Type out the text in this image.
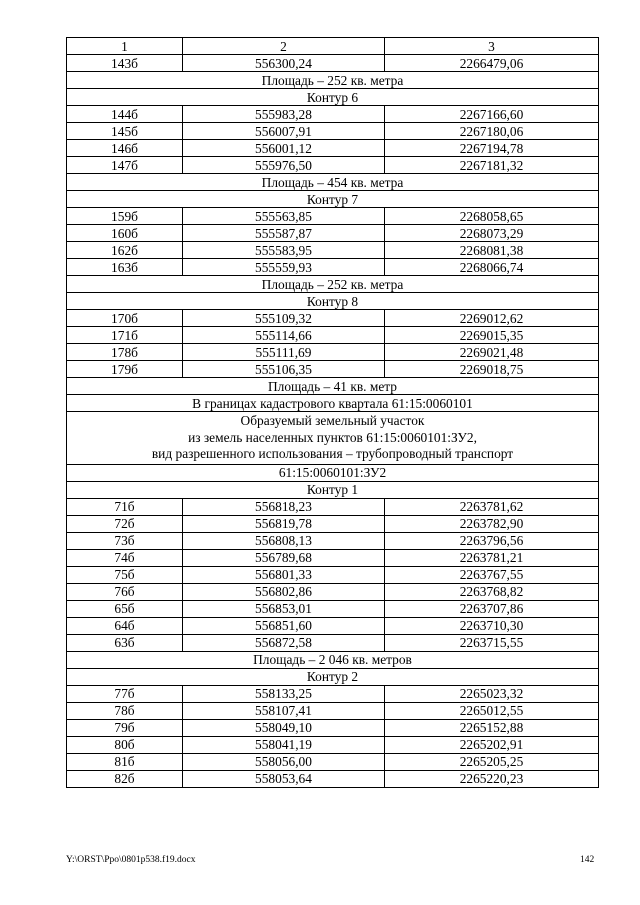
1	2	3
143б	556300,24	2266479,06

Площадь – 252 кв. метра		

Контур 6		

144б	555983,28	2267166,60
145б	556007,91	2267180,06
146б	556001,12	2267194,78
147б	555976,50	2267181,32

Площадь – 454 кв. метра		

Контур 7		

159б	555563,85	2268058,65
160б	555587,87	2268073,29
162б	555583,95	2268081,38
163б	555559,93	2268066,74

Площадь – 252 кв. метра		

Контур 8		

170б	555109,32	2269012,62
171б	555114,66	2269015,35
178б	555111,69	2269021,48
179б	555106,35	2269018,75

Площадь – 41 кв. метр		

В границах кадастрового квартала 61:15:0060101		

Образуемый земельный участок
из земель населенных пунктов 61:15:0060101:ЗУ2,
вид разрешенного использования – трубопроводный транспорт		

61:15:0060101:ЗУ2		

Контур 1		

71б	556818,23	2263781,62
72б	556819,78	2263782,90
73б	556808,13	2263796,56
74б	556789,68	2263781,21
75б	556801,33	2263767,55
76б	556802,86	2263768,82
65б	556853,01	2263707,86
64б	556851,60	2263710,30
63б	556872,58	2263715,55

Площадь – 2 046 кв. метров		

Контур 2		

77б	558133,25	2265023,32
78б	558107,41	2265012,55
79б	558049,10	2265152,88
80б	558041,19	2265202,91
81б	558056,00	2265205,25
82б	558053,64	2265220,23
Y:\ORST\Ppo\0801p538.f19.docx	142
